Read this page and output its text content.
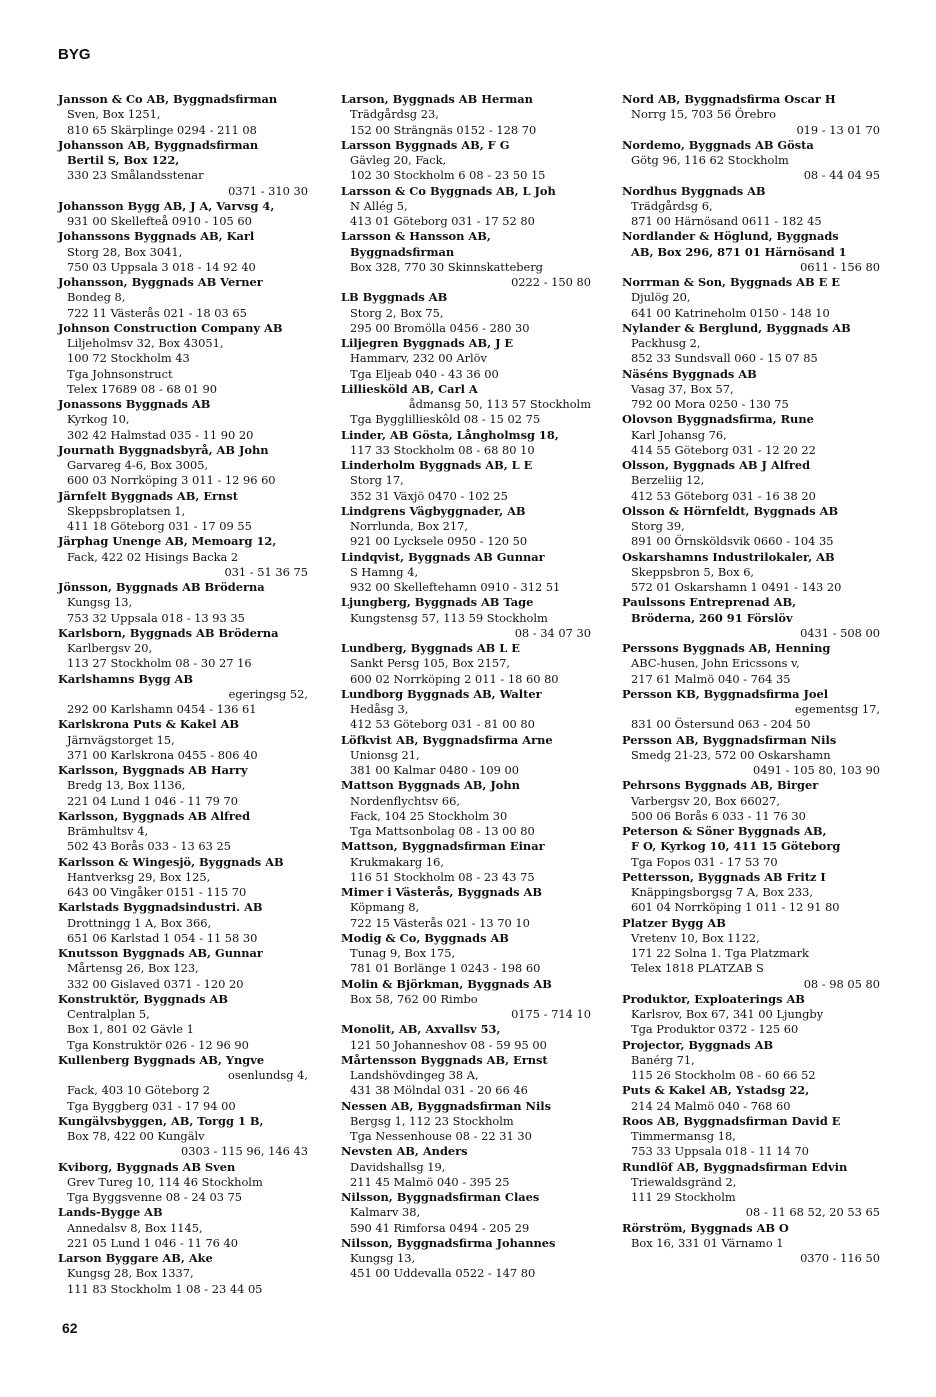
BYG
Jansson & Co AB, Byggnadsfirman
Sven, Box 1251,
810 65 Skärplinge 0294 - 211 08
Johansson AB, Byggnadsfirman
Bertil S, Box 122,
330 23 Smålandsstenar
0371 - 310 30
Johansson Bygg AB, J A, Varvsg 4,
931 00 Skellefteå 0910 - 105 60
Johanssons Byggnads AB, Karl
Storg 28, Box 3041,
750 03 Uppsala 3 018 - 14 92 40
Johansson, Byggnads AB Verner
Bondeg 8,
722 11 Västerås 021 - 18 03 65
Johnson Construction Company AB
Liljeholmsv 32, Box 43051,
100 72 Stockholm 43
Tga Johnsonstruct
Telex 17689 08 - 68 01 90
Jonassons Byggnads AB
Kyrkog 10,
302 42 Halmstad 035 - 11 90 20
Journath Byggnadsbyrå, AB John
Garvareg 4-6, Box 3005,
600 03 Norrköping 3 011 - 12 96 60
Järnfelt Byggnads AB, Ernst
Skeppsbroplatsen 1,
411 18 Göteborg 031 - 17 09 55
Järphag Unenge AB, Memoarg 12,
Fack, 422 02 Hisings Backa 2
031 - 51 36 75
Jönsson, Byggnads AB Bröderna
Kungsg 13,
753 32 Uppsala 018 - 13 93 35
Karlsborn, Byggnads AB Bröderna
Karlbergsv 20,
113 27 Stockholm 08 - 30 27 16
Karlshamns Bygg AB
egeringsg 52,
292 00 Karlshamn 0454 - 136 61
Karlskrona Puts & Kakel AB
Järnvägstorget 15,
371 00 Karlskrona 0455 - 806 40
Karlsson, Byggnads AB Harry
Bredg 13, Box 1136,
221 04 Lund 1 046 - 11 79 70
Karlsson, Byggnads AB Alfred
Brämhultsv 4,
502 43 Borås 033 - 13 63 25
Karlsson & Wingesjö, Byggnads AB
Hantverksg 29, Box 125,
643 00 Vingåker 0151 - 115 70
Karlstads Byggnadsindustri. AB
Drottningg 1 A, Box 366,
651 06 Karlstad 1 054 - 11 58 30
Knutsson Byggnads AB, Gunnar
Mårtensg 26, Box 123,
332 00 Gislaved 0371 - 120 20
Konstruktör, Byggnads AB
Centralplan 5,
Box 1, 801 02 Gävle 1
Tga Konstruktör 026 - 12 96 90
Kullenberg Byggnads AB, Yngve
osenlundsg 4,
Fack, 403 10 Göteborg 2
Tga Byggberg 031 - 17 94 00
Kungälvsbyggen, AB, Torgg 1 B,
Box 78, 422 00 Kungälv
0303 - 115 96, 146 43
Kviborg, Byggnads AB Sven
Grev Tureg 10, 114 46 Stockholm
Tga Byggsvenne 08 - 24 03 75
Lands-Bygge AB
Annedalsv 8, Box 1145,
221 05 Lund 1 046 - 11 76 40
Larson Byggare AB, Ake
Kungsg 28, Box 1337,
111 83 Stockholm 1 08 - 23 44 05
Larson, Byggnads AB Herman
Trädgårdsg 23,
152 00 Strängnäs 0152 - 128 70
Larsson Byggnads AB, F G
Gävleg 20, Fack,
102 30 Stockholm 6 08 - 23 50 15
Larsson & Co Byggnads AB, L Joh
N Allég 5,
413 01 Göteborg 031 - 17 52 80
Larsson & Hansson AB,
Byggnadsfirman
Box 328, 770 30 Skinnskatteberg
0222 - 150 80
LB Byggnads AB
Storg 2, Box 75,
295 00 Bromölla 0456 - 280 30
Liljegren Byggnads AB, J E
Hammarv, 232 00 Arlöv
Tga Eljeab 040 - 43 36 00
Lilliesköld AB, Carl A
ådmansg 50, 113 57 Stockholm
Tga Bygglillieskôld 08 - 15 02 75
Linder, AB Gösta, Långholmsg 18,
117 33 Stockholm 08 - 68 80 10
Linderholm Byggnads AB, L E
Storg 17,
352 31 Växjö 0470 - 102 25
Lindgrens Vägbyggnader, AB
Norrlunda, Box 217,
921 00 Lycksele 0950 - 120 50
Lindqvist, Byggnads AB Gunnar
S Hamng 4,
932 00 Skelleftehamn 0910 - 312 51
Ljungberg, Byggnads AB Tage
Kungstensg 57, 113 59 Stockholm
08 - 34 07 30
Lundberg, Byggnads AB L E
Sankt Persg 105, Box 2157,
600 02 Norrköping 2 011 - 18 60 80
Lundborg Byggnads AB, Walter
Hedåsg 3,
412 53 Göteborg 031 - 81 00 80
Löfkvist AB, Byggnadsfirma Arne
Unionsg 21,
381 00 Kalmar 0480 - 109 00
Mattson Byggnads AB, John
Nordenflychtsv 66,
Fack, 104 25 Stockholm 30
Tga Mattsonbolag 08 - 13 00 80
Mattson, Byggnadsfirman Einar
Krukmakarg 16,
116 51 Stockholm 08 - 23 43 75
Mimer i Västerås, Byggnads AB
Köpmang 8,
722 15 Västerås 021 - 13 70 10
Modig & Co, Byggnads AB
Tunag 9, Box 175,
781 01 Borlänge 1 0243 - 198 60
Molin & Björkman, Byggnads AB
Box 58, 762 00 Rimbo
0175 - 714 10
Monolit, AB, Axvallsv 53,
121 50 Johanneshov 08 - 59 95 00
Mårtensson Byggnads AB, Ernst
Landshövdingeg 38 A,
431 38 Mölndal 031 - 20 66 46
Nessen AB, Byggnadsfirman Nils
Bergsg 1, 112 23 Stockholm
Tga Nessenhouse 08 - 22 31 30
Nevsten AB, Anders
Davidshallsg 19,
211 45 Malmö 040 - 395 25
Nilsson, Byggnadsfirman Claes
Kalmarv 38,
590 41 Rimforsa 0494 - 205 29
Nilsson, Byggnadsfirma Johannes
Kungsg 13,
451 00 Uddevalla 0522 - 147 80
Nord AB, Byggnadsfirma Oscar H
Norrg 15, 703 56 Örebro
019 - 13 01 70
Nordemo, Byggnads AB Gösta
Götg 96, 116 62 Stockholm
08 - 44 04 95
Nordhus Byggnads AB
Trädgårdsg 6,
871 00 Härnösand 0611 - 182 45
Nordlander & Höglund, Byggnads
AB, Box 296, 871 01 Härnösand 1
0611 - 156 80
Norrman & Son, Byggnads AB E E
Djulög 20,
641 00 Katrineholm 0150 - 148 10
Nylander & Berglund, Byggnads AB
Packhusg 2,
852 33 Sundsvall 060 - 15 07 85
Näséns Byggnads AB
Vasag 37, Box 57,
792 00 Mora 0250 - 130 75
Olovson Byggnadsfirma, Rune
Karl Johansg 76,
414 55 Göteborg 031 - 12 20 22
Olsson, Byggnads AB J Alfred
Berzeliig 12,
412 53 Göteborg 031 - 16 38 20
Olsson & Hörnfeldt, Byggnads AB
Storg 39,
891 00 Örnsköldsvik 0660 - 104 35
Oskarshamns Industrilokaler, AB
Skeppsbron 5, Box 6,
572 01 Oskarshamn 1 0491 - 143 20
Paulssons Entreprenad AB,
Bröderna, 260 91 Förslöv
0431 - 508 00
Perssons Byggnads AB, Henning
ABC-husen, John Ericssons v,
217 61 Malmö 040 - 764 35
Persson KB, Byggnadsfirma Joel
egementsg 17,
831 00 Östersund 063 - 204 50
Persson AB, Byggnadsfirman Nils
Smedg 21-23, 572 00 Oskarshamn
0491 - 105 80, 103 90
Pehrsons Byggnads AB, Birger
Varbergsv 20, Box 66027,
500 06 Borås 6 033 - 11 76 30
Peterson & Söner Byggnads AB,
F O, Kyrkog 10, 411 15 Göteborg
Tga Fopos 031 - 17 53 70
Pettersson, Byggnads AB Fritz I
Knäppingsborgsg 7 A, Box 233,
601 04 Norrköping 1 011 - 12 91 80
Platzer Bygg AB
Vretenv 10, Box 1122,
171 22 Solna 1. Tga Platzmark
Telex 1818 PLATZAB S
08 - 98 05 80
Produktor, Exploaterings AB
Karlsrov, Box 67, 341 00 Ljungby
Tga Produktor 0372 - 125 60
Projector, Byggnads AB
Banérg 71,
115 26 Stockholm 08 - 60 66 52
Puts & Kakel AB, Ystadsg 22,
214 24 Malmö 040 - 768 60
Roos AB, Byggnadsfirman David E
Timmermansg 18,
753 33 Uppsala 018 - 11 14 70
Rundlöf AB, Byggnadsfirman Edvin
Triewaldsgränd 2,
111 29 Stockholm
08 - 11 68 52, 20 53 65
Rörström, Byggnads AB O
Box 16, 331 01 Värnamo 1
0370 - 116 50
62
